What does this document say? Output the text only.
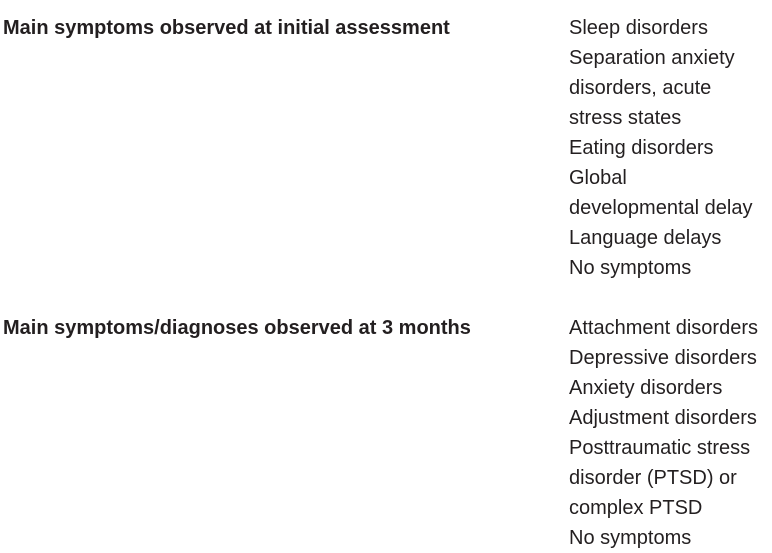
Main symptoms observed at initial assessment	Sleep disorders
Separation anxiety
disorders, acute
stress states
Eating disorders
Global
developmental delay
Language delays
No symptoms
Main symptoms/diagnoses observed at 3 months	Attachment disorders
Depressive disorders
Anxiety disorders
Adjustment disorders
Posttraumatic stress
disorder (PTSD) or
complex PTSD
No symptoms
